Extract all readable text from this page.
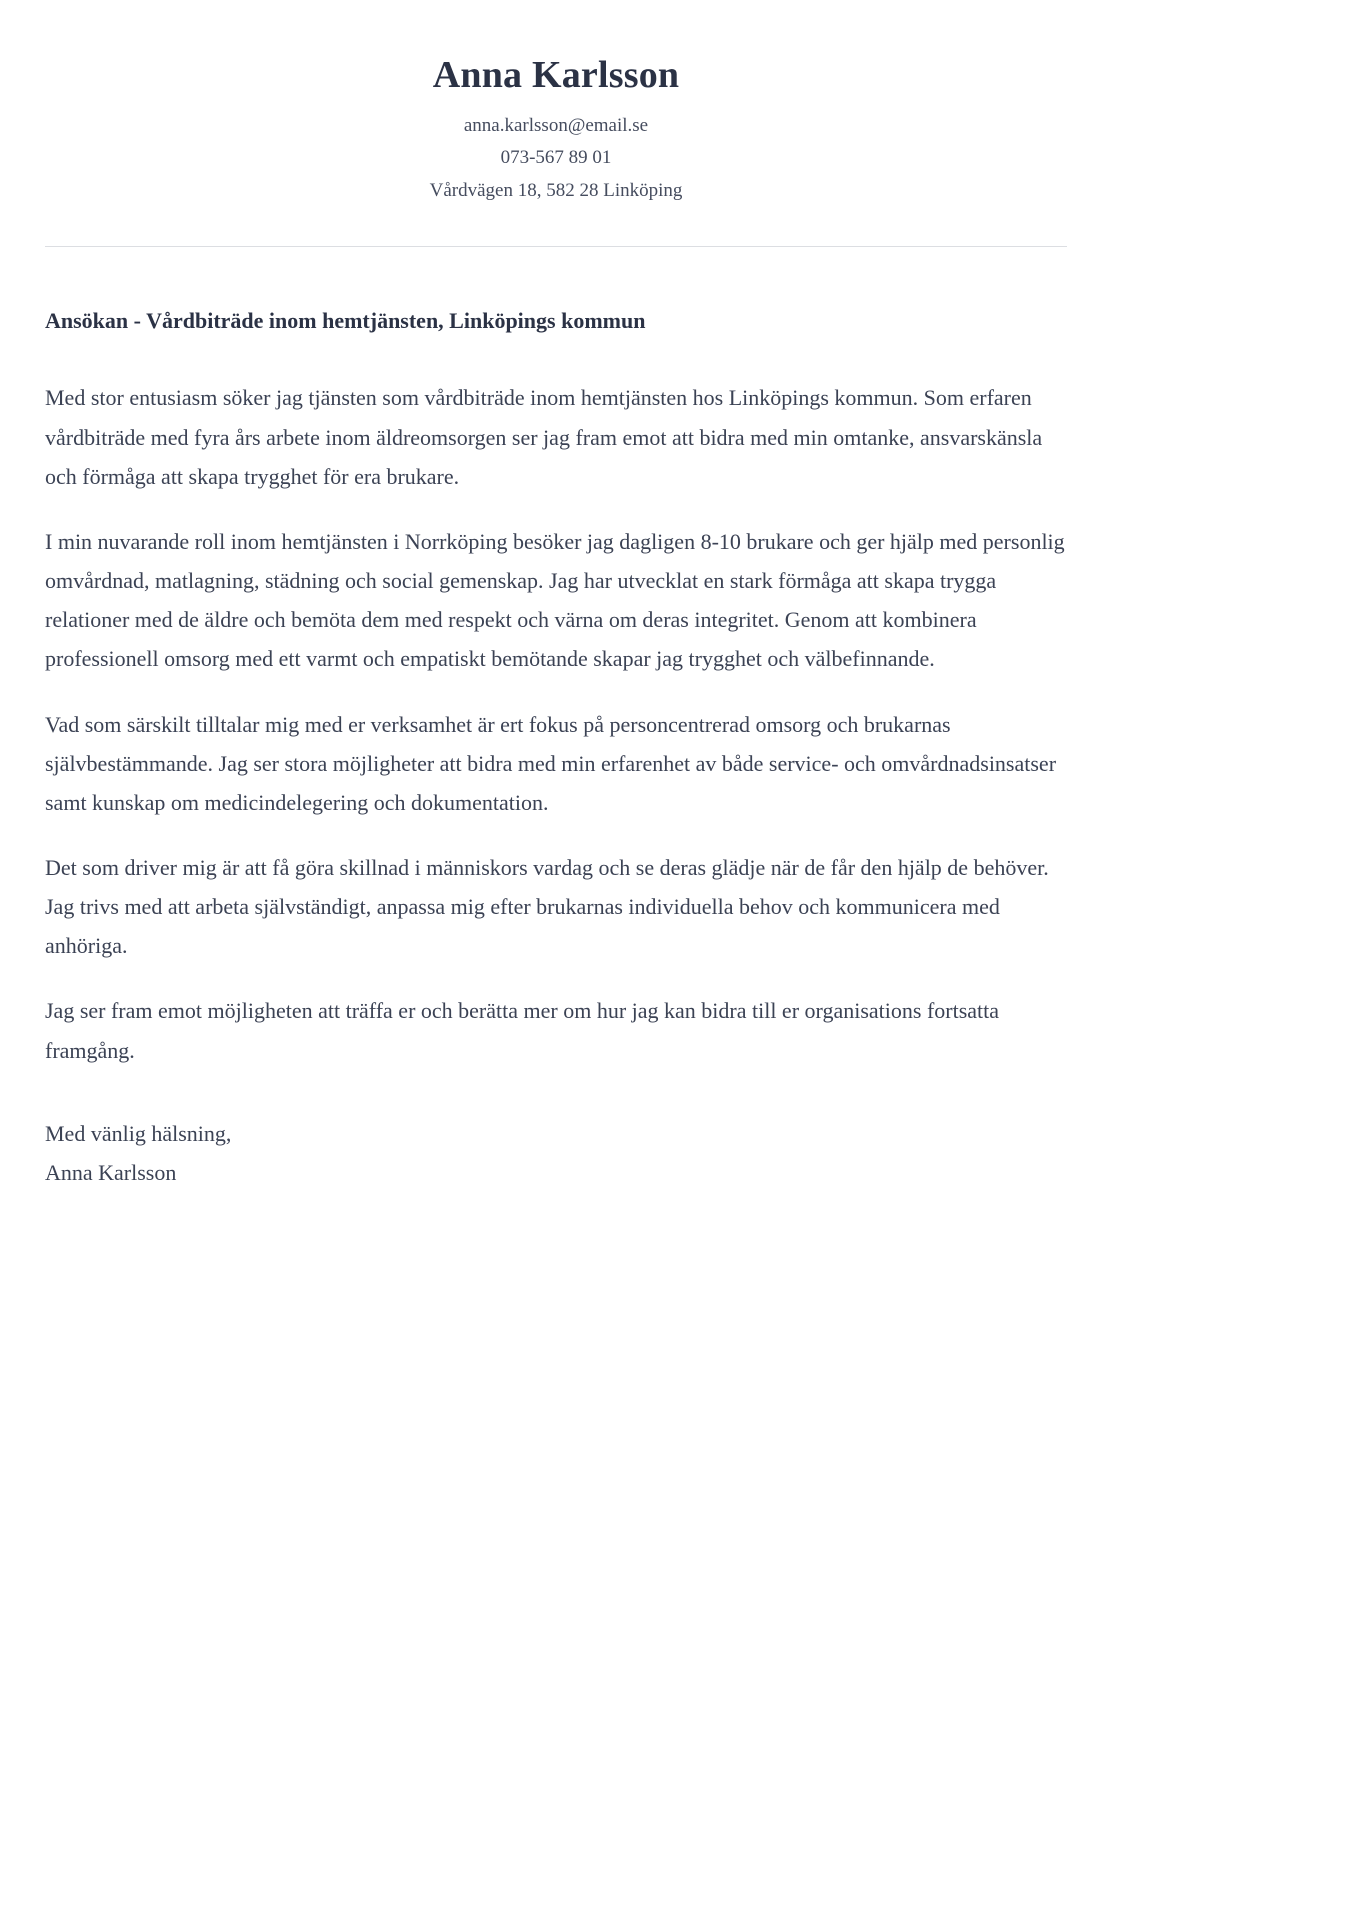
Anna Karlsson

anna.karlsson@email.se

073-567 89 01

Vårdvägen 18, 582 28 Linköping

Ansökan - Vårdbiträde inom hemtjänsten, Linköpings kommun

Med stor entusiasm söker jag tjänsten som vårdbiträde inom hemtjänsten hos Linköpings kommun. Som erfaren vårdbiträde med fyra års arbete inom äldreomsorgen ser jag fram emot att bidra med min omtanke, ansvarskänsla och förmåga att skapa trygghet för era brukare.

I min nuvarande roll inom hemtjänsten i Norrköping besöker jag dagligen 8-10 brukare och ger hjälp med personlig omvårdnad, matlagning, städning och social gemenskap. Jag har utvecklat en stark förmåga att skapa trygga relationer med de äldre och bemöta dem med respekt och värna om deras integritet. Genom att kombinera professionell omsorg med ett varmt och empatiskt bemötande skapar jag trygghet och välbefinnande.

Vad som särskilt tilltalar mig med er verksamhet är ert fokus på personcentrerad omsorg och brukarnas självbestämmande. Jag ser stora möjligheter att bidra med min erfarenhet av både service- och omvårdnadsinsatser samt kunskap om medicindelegering och dokumentation.

Det som driver mig är att få göra skillnad i människors vardag och se deras glädje när de får den hjälp de behöver. Jag trivs med att arbeta självständigt, anpassa mig efter brukarnas individuella behov och kommunicera med anhöriga.

Jag ser fram emot möjligheten att träffa er och berätta mer om hur jag kan bidra till er organisations fortsatta framgång.

Med vänlig hälsning,
Anna Karlsson
